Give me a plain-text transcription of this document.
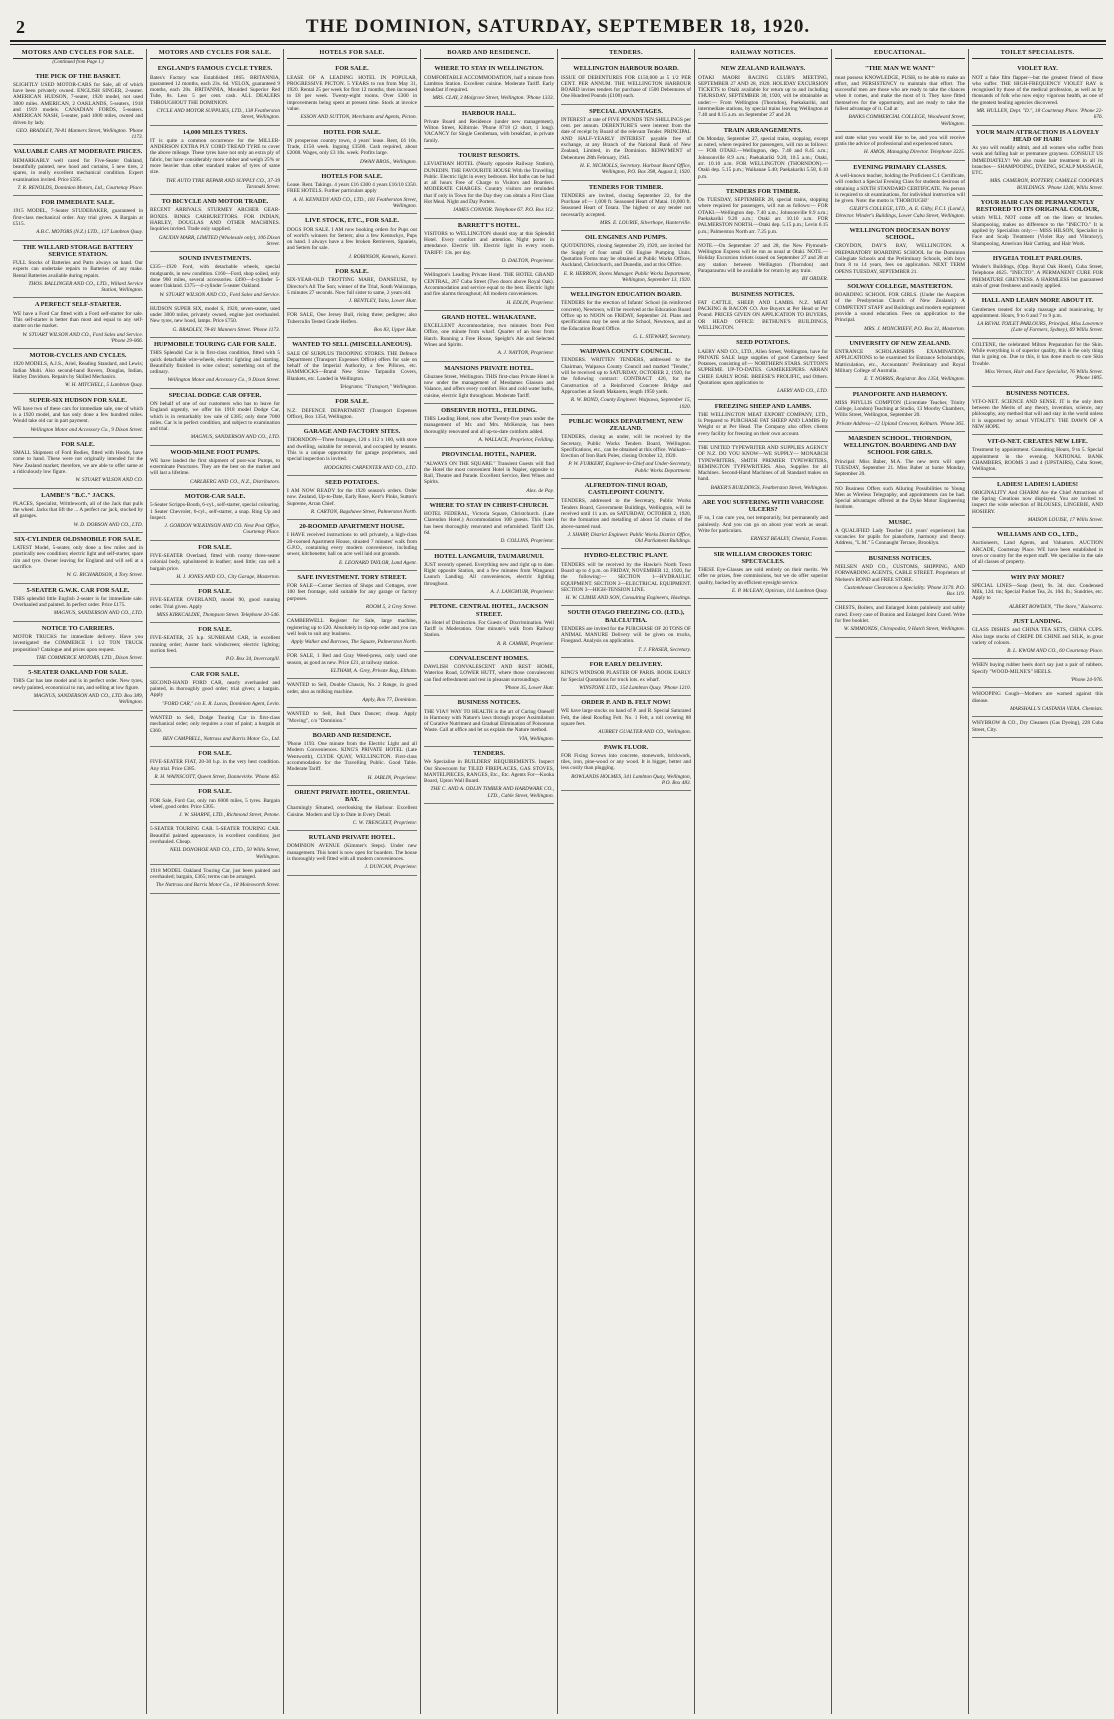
2	THE DOMINION, SATURDAY, SEPTEMBER 18, 1920.
MOTORS AND CYCLES FOR SALE.
(Continued from Page 1.)
THE PICK OF THE BASKET.

SLIGHTLY USED MOTOR-CARS for Sale, all of which have been privately owned. ENGLISH SINGER, 2-seater. AMERICAN HUDSON, 7-seater, 1920 model, not used 3000 miles. AMERICAN, 2 OAKLANDS, 5-seaters, 1918 and 1919 models. CANADIAN FORDS, 5-seaters. AMERICAN NASH, 5-seater, paid 1000 miles, owned and driven by lady.

GEO. BRADLEY, 78-81 Manners Street, Wellington. 'Phone 1173.
VALUABLE CARS AT MODERATE PRICES.

REMARKABLY well cared for Five-Seater Oakland, beautifully painted, new hood and curtains, 5 new tires, 2 spares, in really excellent mechanical condition. Expert examination invited. Price £595.

T. R. RENOLDS, Dominion Motors, Ltd., Courtenay Place.
FOR IMMEDIATE SALE.

1915 MODEL, 7-Seater STUDEBAKER, guaranteed in first-class mechanical order. Any trial given. A Bargain at £515.

A.B.C. MOTORS (N.Z.) LTD., 127 Lambton Quay.
THE WILLARD STORAGE BATTERY SERVICE STATION.

FULL Stocks of Batteries and Parts always on hand. Our experts can undertake repairs to Batteries of any make. Rental Batteries available during repairs.

THOS. BALLINGER AND CO., LTD., Willard Service Station, Wellington.
A PERFECT SELF-STARTER.

WE have a Ford Car fitted with a Ford self-starter for sale. This self-starter is better than most and equal to any self-starter on the market.

W. STUART WILSON AND CO., Ford Sales and Service. 'Phone 29-066.
MOTOR-CYCLES AND CYCLES.

1920 MODELS, A.J.S., Ariel, Reading Standard, and Lewis; Indian Multi. Also second-hand Rovers, Douglas, Indian, Harley Davidson. Repairs by Skilled Mechanics.

W. H. MITCHELL, 5 Lambton Quay.
SUPER-SIX HUDSON FOR SALE.

WE have two of these cars for immediate sale, one of which is a 1920 model, and has only done a few hundred miles. Would take old car in part payment.

Wellington Motor and Accessory Co., 9 Dixon Street.
FOR SALE.

SMALL Shipment of Ford Bodies, fitted with Hoods, have come to hand. These were not originally intended for the New Zealand market; therefore, we are able to offer same at a ridiculously low figure.

W. STUART WILSON AND CO.
LAMBE'S "B.C." JACKS.

PLACES, Specialist, Writtleworth, all of the Jack that pulls the wheel. Jacks that lift the ... A perfect car jack, stocked by all garages.

W. D. DOBSON AND CO., LTD.
SIX-CYLINDER OLDSMOBILE FOR SALE.

LATEST Model, 5-seater, only done a few miles and in practically new condition; electric light and self-starter, spare rim and tyre. Owner leaving for England and will sell at a sacrifice.

W. G. RICHARDSON, 4 Tory Street.
5-SEATER G.W.K. CAR FOR SALE.

THIS splendid little English 2-seater is for immediate sale. Overhauled and painted. In perfect order. Price £175.

MAGNUS, SANDERSON AND CO., LTD.
NOTICE TO CARRIERS.

MOTOR TRUCKS for immediate delivery. Have you investigated the COMMERCE 1 1/2 TON TRUCK proposition? Catalogue and prices upon request.

THE COMMERCE MOTORS, LTD., Dixon Street.
5-SEATER OAKLAND FOR SALE.

THIS Car has late model and is in perfect order. New tyres, newly painted, economical to run, and selling at low figure.

MAGNUS, SANDERSON AND CO., LTD. Box 389, Wellington.
MOTORS AND CYCLES FOR SALE.
ENGLAND'S FAMOUS CYCLE TYRES.

Bates's Factory was Established 1865. BRITANNIA, guaranteed 12 months, each 23s. 6d. VELOX, guaranteed 9 months, each 20s. BRITANNIA, Moulded Superior Red Tube, 8s. Less 5 per cent. cash. ALL DEALERS THROUGHOUT THE DOMINION.

CYCLE AND MOTOR SUPPLIES, LTD., 138 Featherston Street, Wellington.
14,000 MILES TYRES.

IT is quite a common occurrence for the MILLER-ANDERSON EXTRA PLY CORD TREAD TYRE to cover the above mileage. These tyres have not only an extra ply of fabric, but have considerably more rubber and weigh 25% or more heavier than other standard makes of tyres of same size.

THE AUTO TYRE REPAIR AND SUPPLY CO., 37-39 Taranaki Street.
TO BICYCLE AND MOTOR TRADE.

RECENT ARRIVALS. STURMEY ARCHER GEAR-BOXES. BINKS CARBURETTORS. FOR INDIAN, HARLEY, DOUGLAS AND OTHER MACHINES. Inquiries invited. Trade only supplied.

GAUDIN MARR, LIMITED (Wholesale only), 106 Dixon Street.
SOUND INVESTMENTS.

£335—1920 Ford, with detachable wheels, special mudguards, in new condition. £160—Ford, shop soiled, only done 960 miles, several accessories. £490—4-cylinder 5-seater Oakland. £375—4-cylinder 5-seater Oakland.

W. STUART WILSON AND CO., Ford Sales and Service.

HUDSON SUPER SIX, model S, 1920, seven-seater, used under 3000 miles, privately owned, engine just overhauled. New tyres, new hood, lamps. Price £750.

G. BRADLEY, 78-81 Manners Street. 'Phone 1173.
HUPMOBILE TOURING CAR FOR SALE.

THIS Splendid Car is in first-class condition, fitted with 5 quick detachable wire-wheels, electric lighting and starting. Beautifully finished in wine colour; something out of the ordinary.

Wellington Motor and Accessory Co., 9 Dixon Street.
SPECIAL DODGE CAR OFFER.

ON behalf of one of our customers who has to leave for England urgently, we offer his 1918 model Dodge Car, which is in remarkably low sale of £385; only done 7000 miles. Car is in perfect condition, and subject to examination and trial.

MAGNUS, SANDERSON AND CO., LTD.
WOOD-MILNE FOOT PUMPS.

WE have landed the first shipment of post-war Pumps, to exterminate Punctures. They are the best on the market and will last a lifetime.

CARLBERG AND CO., N.Z., Distributors.
MOTOR-CAR SALE.

5-Seater Scripps-Booth, 6-cyl., self-starter, special colouring. 1 Seater Chevrolet, 6-cyl., self-starter, a snap. Ring Up and Inspect.

J. GORDON WILKINSON AND CO. Next Post Office, Courtenay Place.
FOR SALE.

FIVE-SEATER Overland, fitted with roomy three-seater colonial body, upholstered in leather; used little; can sell a bargain price.

H. J. JONES AND CO., City Garage, Masterton.
FOR SALE.

FIVE-SEATER OVERLAND, model 90, good running order. Trial given. Apply

MISS KIRKCALDIE, Thompson Street. Telephone 20-546.
FOR SALE.

FIVE-SEATER, 25 h.p. SUNBEAM CAR, in excellent running order; Auster back windscreen; electric lighting; suction feed.

P.O. Box 34, Invercargill.
CAR FOR SALE.

SECOND-HAND FORD CAR, nearly overhauled and painted, in thoroughly good order; trial given; a bargain. Apply

"FORD CAR," c/o E. R. Lucas, Dominion Agent, Levin.

WANTED to Sell, Dodge Touring Car in first-class mechanical order; only requires a coat of paint; a bargain at £360.

BEN CAMPBELL, Nattrass and Barris Motor Co., Ltd.
FOR SALE.

FIVE-SEATER FIAT, 20-30 h.p. in the very best condition. Any trial. Price £385.

R. H. WAINSCOTT, Queen Street, Dannevirke. 'Phone 463.
FOR SALE.

FOR Sale, Ford Car, only run 6000 miles, 5 tyres. Bargain wheel, good order. Price £305.

J. W. SHARPE, LTD., Richmond Street, Petone.

5-SEATER TOURING CAR. 5-SEATER TOURING CAR. Beautiful painted appearance, in excellent condition; just overhauled. Cheap.

NEIL DONOHOE AND CO., LTD., 50 Willis Street, Wellington.

1918 MODEL Oakland Touring Car, just been painted and overhauled; bargain, £365; terms can be arranged.

The Nattrass and Barris Motor Co., 18 Molesworth Street.
HOTELS FOR SALE.
FOR SALE.

LEASE OF A LEADING HOTEL IN POPULAR, PROGRESSIVE PICTON. 5 YEARS to run from May 31, 1920. Rental 25 per week for first 12 months, then increased to £8 per week. Twenty-eight rooms. Over £300 in improvements being spent at present time. Stock at invoice value.

ESSON AND SUTTON, Merchants and Agents, Picton.
HOTEL FOR SALE.

IN prosperous country town, 4 years' lease. Rent, £6 10s. Trade, £150 week. Ingoing £3500. Cash required, about £2000. Wages, only £3 10s. week. Profits large.

DWAN BROS., Wellington.
HOTELS FOR SALE.

Lease. Rent. Takings. 4 years £16 £300 4 years £16/10 £350. FREE HOTELS. Further particulars apply

A. H. KENNEDY AND CO., LTD., 181 Featherston Street, Wellington.
LIVE STOCK, ETC., FOR SALE.

DOGS FOR SALE. I AM now booking orders for Pups out of world's winners for Setters; also a few Kentuckys, Pups on hand. I always have a few broken Retrievers, Spaniels, and Setters for sale.

J. ROBINSON, Kennels, Karori.
FOR SALE.

SIX-YEAR-OLD TROTTING MARE, DANSEUSE, by Director's All The Son; winner of the Trial, South Wairarapa, 5 minutes 27 seconds. Now full sister to same, 2 years old.

J. BENTLEY, Taita, Lower Hutt.

FOR SALE, One Jersey Bull, rising three; pedigree; also Tuberculin Tested Grade Heifers.

Box 83, Upper Hutt.
WANTED TO SELL (MISCELLANEOUS).

SALE OF SURPLUS TROOPING STORES. THE Defence Department (Transport Expenses Office) offers for sale on behalf of the Imperial Authority, a few Pillows, etc. HAMMOCKS—Brand New Straw Tarpaulin Covers, Blankets, etc. Landed in Wellington.

Telegrams: "Transport," Wellington.
FOR SALE.

N.Z. DEFENCE DEPARTMENT (Transport Expenses Office), Box 1354, Wellington.

GARAGE AND FACTORY SITES.

THORNDON—Three frontages, 120 x 112 x 160, with store and dwelling, suitable for removal, and occupied by tenants. This is a unique opportunity for garage proprietors, and special inspection is invited.

HODGKINS CARPENTER AND CO., LTD.
SEED POTATOES.

I AM NOW READY for the 1920 season's orders. Order now. Zealand, Up-to-Date, Early Rose, Kerr's Pinks, Sutton's Supreme, Arran Chief.

R. CARTON, Bagshawe Street, Palmerston North.
20-ROOMED APARTMENT HOUSE.

I HAVE received instructions to sell privately, a high-class 20-roomed Apartment House, situated 7 minutes' walk from G.P.O., containing every modern convenience, including sewer, kitchenette; hall on acre well laid out grounds.

E. LEONARD TAYLOR, Land Agent.
SAFE INVESTMENT. TORY STREET.

FOR SALE—Corner Section of Shops and Cottages, over 100 feet frontage, sold suitable for any garage or factory purposes.

ROOM 5, 3 Grey Street.

CAMBERWELL Register for Sale, large machine, registering up to £20. Absolutely in tip-top order and you can well look to suit any business.

Apply Walker and Barrows, The Square, Palmerston North.

FOR SALE, 1 Bed and Gray Weed-press, only used one season, as good as new. Price £21, at railway station.

ELTHAM, A. Grey, Private Bag, Eltham.

WANTED to Sell, Double Chassis, No. 2 Range, in good order, also as milking machine.

Apply, Box 77, Dominion.

WANTED to Sell, Bull Dam Dancer; cheap. Apply "Moving", c/o "Dominion."

BOARD AND RESIDENCE.

'Phone 1193. One minute from the Electric Light and all Modern Conveniences. KING'S PRIVATE HOTEL (Late Wentworth), CLYDE QUAY, WELLINGTON. First-class accommodation for the Travelling Public. Good Table. Moderate Tariff.

H. JABLIN, Proprietor.
ORIENT PRIVATE HOTEL, ORIENTAL BAY.

Charmingly Situated, overlooking the Harbour. Excellent Cuisine. Modern and Up to Date in Every Detail.

C. W. TRENGEET, Proprietor.
RUTLAND PRIVATE HOTEL.

DOMINION AVENUE (Kimmer's Steps). Under new management. This hotel is now open for boarders. The house is thoroughly well fitted with all modern conveniences.

J. DUNCAN, Proprietor.
BOARD AND RESIDENCE.
WHERE TO STAY IN WELLINGTON.

COMFORTABLE ACCOMMODATION, half a minute from Lambton Station. Excellent cuisine. Moderate Tariff. Early breakfast if required.

MRS. CLAY, 3 Molgrave Street, Wellington. 'Phone 1333.
HARBOUR HALL.

Private Board and Residence (under new management), Wilton Street, Kilbirnie. 'Phone 8718 (2 short, 1 long). VACANCY for Single Gentleman, with breakfast, in private family.

TOURIST RESORTS.

LEVIATHAN HOTEL (Nearly opposite Railway Station), DUNEDIN. THE FAVOURITE HOUSE With the Travelling Public. Electric light in every bedroom. Hot baths can be had at all hours Free of Charge to Visitors and Boarders. MODERATE CHARGES. Country visitors are reminded that if only in Town for the Day they can obtain a First Class Hot Meal. Night and Day Porters.

JAMES CONNOR. Telephone 67. P.O. Box 112.
BARRETT'S HOTEL.

VISITORS to WELLINGTON should stay at this Splendid Hotel. Every comfort and attention. Night porter in attendance. Electric lift. Electric light in every room. TARIFF: 13s. per day.

D. DALTON, Proprietor.

Wellington's Leading Private Hotel. THE HOTEL GRAND CENTRAL, 267 Cuba Street (Two doors above Royal Oak). Accommodation and service equal to the best. Electric light and fire alarms throughout; All modern conveniences.

H. EDLIN, Proprietor.
GRAND HOTEL. WHAKATANE.

EXCELLENT Accommodation, two minutes from Post Office, one minute from wharf. Quarter of an hour from Hatch. Running a Free House, Speight's Ale and Selected Wines and Spirits.

A. J. NAYTON, Proprietor.
MANSIONS PRIVATE HOTEL.

Ghuznee Street, Wellington. THIS first-class Private Hotel is now under the management of Mesdames Glasson and Valance, and offers every comfort. Hot and cold water baths, cuisine, electric light throughout. Moderate Tariff.

OBSERVER HOTEL, FEILDING.

THIS Leading Hotel, now after Twenty-five years under the management of Mr. and Mrs. McKenzie, has been thoroughly renovated and all up-to-date comforts added.

A. WALLACE, Proprietor, Feilding.
PROVINCIAL HOTEL, NAPIER.

"ALWAYS ON THE SQUARE." Transient Guests will find the Hotel the most convenient Hotel in Napier, opposite to Rail, Theatre and Parade. Excellent Service, Best Wines and Spirits.

Alex. de Pay.
WHERE TO STAY IN CHRIST-CHURCH.

HOTEL FEDERAL, Victoria Square, Christchurch. (Late Clarendon Hotel.) Accommodation 100 guests. This hotel has been thoroughly renovated and refurnished. Tariff 12s. 6d.

D. COLLINS, Proprietor.
HOTEL LANGMUIR, TAUMARUNUI.

JUST recently opened. Everything new and right up to date. Right opposite Station, and a few minutes from Wanganui Launch Landing. All conveniences, electric lighting throughout.

A. J. LANGMUIR, Proprietor.
PETONE. CENTRAL HOTEL, JACKSON STREET.

An Hotel of Distinction. For Guests of Discrimination. Well Tariff is Moderation. One minute's walk from Railway Station.

R. R. CAMBIE, Proprietor.
CONVALESCENT HOMES.

DAWLISH CONVALESCENT AND REST HOME, Waterloo Road, LOWER HUTT, where those convalescent can find refreshment and rest in pleasant surroundings.

'Phone 35, Lower Hutt.
BUSINESS NOTICES.

THE VIA!! WAY TO HEALTH is the art of Curing Oneself in Harmony with Nature's laws through proper Assimilation of Curative Nutriment and Gradual Elimination of Poisonous Waste. Call at office and let us explain the Nature method.

VIA, Wellington.
TENDERS.

We Specialise in BUILDERS' REQUIREMENTS. Inspect Our Showroom for TILED FIREPLACES, GAS STOVES, MANTELPIECES, RANGES, Etc., Etc. Agents For—Kooka Board, Upton Wall Board.

THE C. AND A. ODLIN TIMBER AND HARDWARE CO., LTD., Cable Street, Wellington.
TENDERS.
WELLINGTON HARBOUR BOARD.

ISSUE OF DEBENTURES FOR £150,000 at 5 1/2 PER CENT. PER ANNUM. THE WELLINGTON HARBOUR BOARD invites tenders for purchase of 1500 Debentures of One Hundred Pounds (£100) each.

SPECIAL ADVANTAGES.

INTEREST at rate of FIVE POUNDS TEN SHILLINGS per cent. per annum. DEBENTURE'S were interest from the date of receipt by Board of the relevant Tender. PRINCIPAL AND HALF-YEARLY INTEREST payable free of exchange, at any Branch of the National Bank of New Zealand, Limited, in the Dominion. REPAYMENT of Debentures 28th February, 1945.

H. E. NICHOLLS, Secretary. Harbour Board Office, Wellington, P.O. Box 398, August 3, 1920.
TENDERS FOR TIMBER.

TENDERS are invited, closing September 22, for the Purchase of:— 1,000 ft. Seasoned Heart of Matai. 10,000 ft. Seasoned Heart of Totara. The highest or any tender not necessarily accepted.

MRS. E. LOURIE, Silverhope, Hunterville.
OIL ENGINES AND PUMPS.

QUOTATIONS, closing September 29, 1920, are invited for the Supply of four small Oil Engine Pumping Units. Quotation Forms may be obtained at Public Works Offices, Auckland, Christchurch, and Dunedin, and at this Office.

E. R. HERRON, Stores Manager. Public Works Department, Wellington, September 13, 1920.
WELLINGTON EDUCATION BOARD.

TENDERS for the erection of Infants' School (in reinforced concrete), Newtown, will be received at the Education Board Office up to NOON on FRIDAY, September 24. Plans and specifications may be seen at the School, Newtown, and at the Education Board Office.

G. L. STEWART, Secretary.
WAIPAWA COUNTY COUNCIL.

TENDERS. WRITTEN TENDERS, addressed to the Chairman, Waipawa County Council and marked "Tender," will be received up to SATURDAY, OCTOBER 2, 1920, for the following contract: CONTRACT 426, for the Construction of a Reinforced Concrete Bridge and Approaches at South Makaretu, length 1950 yards.

R. W. BOND, County Engineer. Waipawa, September 15, 1920.
PUBLIC WORKS DEPARTMENT, NEW ZEALAND.

TENDERS, closing as under, will be received by the Secretary, Public Works Tenders Board, Wellington. Specifications, etc., can be obtained at this office. Waikato—Erection of Iron Bark Poles, closing October 12, 1920.

P. W. FURKERT, Engineer-in-Chief and Under-Secretary, Public Works Department.
ALFREDTON-TINUI ROAD, CASTLEPOINT COUNTY.

TENDERS, addressed to the Secretary, Public Works Tenders Board, Government Buildings, Wellington, will be received until 11 a.m. on SATURDAY, OCTOBER 2, 1920, for the formation and metalling of about 54 chains of the above-named road.

J. SHARP, District Engineer. Public Works District Office, Old Parliament Buildings.
HYDRO-ELECTRIC PLANT.

TENDERS will be received by the Hawke's North Town Board up to 4 p.m. on FRIDAY, NOVEMBER 12, 1920, for the following:— SECTION 1—HYDRAULIC EQUIPMENT. SECTION 2—ELECTRICAL EQUIPMENT. SECTION 3—HIGH-TENSION LINE.

H. W. CLIMIE AND SON, Consulting Engineers, Hastings.
SOUTH OTAGO FREEZING CO. (LTD.), BALCLUTHA.

TENDERS are invited for the PURCHASE OF 20 TONS OF ANIMAL MANURE Delivery will be given on trucks, Finegand. Analysis on application.

T. J. FRASER, Secretary.
FOR EARLY DELIVERY.

KING'S WINDSOR PLASTER OF PARIS. BOOK EARLY for Special Quotations for truck lots. ex wharf.

WINSTONE LTD., 154 Lambton Quay. 'Phone 1210.
ORDER P. AND B. FELT NOW!

WE have large stocks on hand of P. and B. Special Saturated Felt, the ideal Roofing Felt. No. 1 Felt, a roll covering 88 square feet.

AUBREY GUALTER AND CO., Wellington.
PAWK FLUOR.

FOR Fixing Screws into concrete, stonework, brickwork, tiles, iron, pine-wood or any wood. It is bigger, better and less costly than plugging.

ROWLANDS HOLMES, 341 Lambton Quay, Wellington, P.O. Box 483.
RAILWAY NOTICES.
NEW ZEALAND RAILWAYS.

OTAKI MAORI RACING CLUB'S MEETING, SEPTEMBER 27 AND 28, 1920. HOLIDAY EXCURSION TICKETS to Otaki available for return up to and including THURSDAY, SEPTEMBER 30, 1920, will be obtainable as under:— From Wellington (Thorndon), Paekakariki, and intermediate stations, by special trains leaving Wellington at 7.40 and 8.15 a.m. on September 27 and 28.

TRAIN ARRANGEMENTS.

On Monday, September 27, special trains, stopping, except as noted, where required for passengers, will run as follows:— FOR OTAKI.—Wellington, dep. 7.40 and 8.45 a.m.; Johnsonville 8.9 a.m.; Paekakariki 9.20, 10.5 a.m.; Otaki, arr. 10.10 a.m. FOR WELLINGTON (THORNDON).—Otaki dep. 5.15 p.m.; Waikanae 5.40; Paekakariki 5.58, 6.10 p.m.

TENDERS FOR TIMBER.

On TUESDAY, SEPTEMBER 28, special trains, stopping where required for passengers, will run as follows:— FOR OTAKI.—Wellington dep. 7.40 a.m.; Johnsonville 8.9 a.m.; Paekakariki 9.20 a.m.; Otaki arr. 10.10 a.m. FOR PALMERSTON NORTH.—Otaki dep. 5.15 p.m.; Levin 6.15 p.m.; Palmerston North arr. 7.25 p.m.

NOTE.—On September 27 and 28, the New Plymouth-Wellington Express will be run as usual at Otaki. NOTE.—Holiday Excursion tickets issued on September 27 and 28 at any station between Wellington (Thorndon) and Paraparaumu will be available for return by any train.

BY ORDER.
BUSINESS NOTICES.

FAT CATTLE, SHEEP, AND LAMBS. N.Z. MEAT PACKING & BACON CO. Are Buyers at Per Head or Per Pound. PRICES GIVEN ON APPLICATION TO BUYERS, OR HEAD OFFICE: BETHUNE'S BUILDINGS, WELLINGTON.

SEED POTATOES.

LAERY AND CO., LTD., Allen Street, Wellington, have for PRIVATE SALE large supplies of good Canterbury Seed Potatoes, consisting of:— NORTHERN STARS. SUTTON'S SUPREME. UP-TO-DATES. GAMEKEEPERS. ARRAN CHIEF. EARLY ROSE. BREESE'S PROLIFIC, and Others. Quotations upon application to

LAERY AND CO., LTD.
FREEZING SHEEP AND LAMBS.

THE WELLINGTON MEAT EXPORT COMPANY, LTD., Is Prepared to PURCHASE FAT SHEEP AND LAMBS By Weight or at Per Head. The Company also offers clients every facility for freezing on their own account.

THE UNITED TYPEWRITER AND SUPPLIES AGENCY OF N.Z. DO YOU KNOW—WE SUPPLY— MONARCH TYPEWRITERS, SMITH PREMIER TYPEWRITERS, REMINGTON TYPEWRITERS. Also, Supplies for all Machines. Second-Hand Machines of all Standard makes on hand.

BAKER'S BUILDINGS, Featherston Street, Wellington.
ARE YOU SUFFERING WITH VARICOSE ULCERS?

IF so, I can cure you, not temporarily, but permanently and painlessly. And you can go on about your work as usual. Write for particulars.

ERNEST BEALEY, Chemist, Foxton.
SIR WILLIAM CROOKES TORIC SPECTACLES.

THESE Eye-Glasses are sold entirely on their merits. We offer no prizes, free commissions, but we do offer superior quality, backed by an efficient eyesight service.

E. P. McLEAN, Optician, 114 Lambton Quay.
EDUCATIONAL.
"THE MAN WE WANT"

must possess KNOWLEDGE, PUSH, to be able to make an effort, and PERSISTENCY to maintain that effort. The successful men are those who are ready to take the chances when it comes, and make the most of it. They have fitted themselves for the opportunity, and are ready to take the fullest advantage of it. Call at

BANKS COMMERCIAL COLLEGE, Woodward Street, Wellington.

and state what you would like to be, and you will receive gratis the advice of professional and experienced tutors.

H. AMOS, Managing Director. Telephone 3225.
EVENING PRIMARY CLASSES.

A well-known teacher, holding the Proficient C.1 Certificate, will conduct a Special Evening Class for students desirous of obtaining a SIXTH STANDARD CERTIFICATE. No person is required to sit examinations, for individual instruction will be given. Note: the motto is 'THOROUGH!'

GILBY'S COLLEGE, LTD., A. E. Gilby, F.C.I. (Lond.), Director. Winder's Buildings, Lower Cuba Street, Wellington.
WELLINGTON DIOCESAN BOYS' SCHOOL.

CROYDON, DAY'S BAY, WELLINGTON. A PREPARATORY BOARDING SCHOOL for the Dominion Collegiate Schools and the Preliminary Schools, with boys from 8 to 14 years, fees on application. NEXT TERM OPENS TUESDAY, SEPTEMBER 21.

SOLWAY COLLEGE, MASTERTON.

BOARDING SCHOOL FOR GIRLS. (Under the Auspices of the Presbyterian Church of New Zealand.) A COMPETENT STAFF and Buildings and modern equipment provide a sound education. Fees on application to the Principal.

MRS. J. MONCRIEFF, P.O. Box 31, Masterton.
UNIVERSITY OF NEW ZEALAND.

ENTRANCE SCHOLARSHIPS EXAMINATION. APPLICATIONS to be examined for Entrance Scholarships, Matriculation, etc., Accountants' Preliminary and Royal Military College of Australia.

E. T. NORRIS, Registrar. Box 1354, Wellington.
PIANOFORTE AND HARMONY.

MISS PHYLLIS COMPTON (Licentiate Teacher, Trinity College, London) Teaching at Studio, 13 Moorby Chambers, Willis Street, Wellington, September 20.

Private Address—12 Upland Crescent, Kelburn. 'Phone 365.
MARSDEN SCHOOL. THORNDON, WELLINGTON. BOARDING AND DAY SCHOOL FOR GIRLS.

Principal: Miss Baber, M.A. The new term will open TUESDAY, September 21. Miss Baber at home Monday, September 20.

NO Business Offers such Alluring Possibilities to Young Men as Wireless Telegraphy, and appointments can be had. Special advantages offered at the Dyke Motor Engineering Institute.

MUSIC.

A QUALIFIED Lady Teacher (14 years' experience) has vacancies for pupils for pianoforte, harmony and theory. Address, "L.M." 5 Connaught Terrace, Brooklyn.

BUSINESS NOTICES.

NIELSEN AND CO., CUSTOMS, SHIPPING, AND FORWARDING AGENTS, CABLE STREET. Proprietors of Nielsen's BOND and FREE STORE.

Customhouse Clearances a Speciality. 'Phone 3170. P.O. Box 119.

CHESTS, Boilers, and Enlarged Joints painlessly and safely cured. Every case of Bunion and Enlarged Joint Cured. Write for free booklet.

W. SIMMONDS, Chiropodist, 9 Hatch Street, Wellington.
TOILET SPECIALISTS.
VIOLET RAY.

NOT a fake film flapper—but the greatest friend of those who suffer. THE HIGH-FREQUENCY VIOLET RAY is recognised by those of the medical profession, as well as by thousands of folk who now enjoy vigorous health, as one of the greatest healing agencies discovered.

MR. HULLEN, Dept. "D.", 18 Courtenay Place. 'Phone 22-676.
YOUR MAIN ATTRACTION IS A LOVELY HEAD OF HAIR!

As you will readily admit, and all women who suffer from weak and falling hair or premature grayness. CONSULT US IMMEDIATELY! We also make hair treatment in all its branches— SHAMPOOING, DYEING, SCALP MASSAGE, ETC.

MRS. CAMERON, ROTTERY, CAMILLE COOPER'S BUILDINGS. 'Phone 1246, Willis Street.
YOUR HAIR CAN BE PERMANENTLY RESTORED TO ITS ORIGINAL COLOUR,

which WILL NOT come off on the linen or brushes. Shampooing, makes no difference to the "INECTO." It is applied by Specialists only:— MISS HILSON, Specialist in Face and Scalp Treatment (Violet Ray and Vibratory), Shampooing, American Hair Cutting, and Hair Work.

HYGEIA TOILET PARLOURS.

Winder's Buildings, (Opp. Royal Oak Hotel), Cuba Street, Telephone 4625. "INECTO". A PERMANENT CURE FOR PREMATURE GREYNESS. A HARMLESS but guaranteed stain of great freshness and easily applied.

HALL AND LEARN MORE ABOUT IT.

Gentlemen treated for scalp massage and manicuring, by appointment. Hours, 9 to 6 and 7 to 9 p.m.

LA REVAL TOILET PARLOURS, Principal, Miss Lawrence (Late of Farmers, Sydney), 69 Willis Street.

COLTENE, the celebrated Milton Preparation for the Skin. While everything is of superior quality, this is the only thing that is going on. Due to this, it has done much to cure Skin Trouble.

Miss Vernon, Hair and Face Specialist, 76 Willis Street. 'Phone 1805.
BUSINESS NOTICES.

VIT-O-NET. SCIENCE AND SENSE. IT is the only item between the Merits of any theory, invention, science, any philosophy, any method that will and stay in the world unless it is supported by actual VITALITY. THE DAWN OF A NEW HOPE.

VIT-O-NET. CREATES NEW LIFE.

Treatment by appointment. Consulting Hours, 9 to 5. Special appointment in the evening. NATIONAL BANK CHAMBERS, ROOMS 3 and 4 (UPSTAIRS), Cuba Street, Wellington.

LADIES! LADIES! LADIES!

ORIGINALITY And CHARM Are the Chief Attractions of the Spring Creations now displayed. You are invited to inspect the wide selection of BLOUSES, LINGERIE, AND HOSIERY.

MAISON LOUISE, 17 Willis Street.
WILLIAMS AND CO., LTD.,

Auctioneers, Land Agents, and Valuators. AUCTION ARCADE, Courtenay Place. WE have been established in town or country for the expert staff. We specialise in the sale of all classes of property.

WHY PAY MORE?

SPECIAL LINES—Soap (best), 9s. 3d. doz. Condensed Milk, 12d. tin; Special Packet Tea, 2s. 10d. lb.; Sundries, etc. Apply to

ALBERT BOWDEN, "The Store," Kaiwarra.
JUST LANDING.

GLASS DISHES and CHINA TEA SETS, CHINA CUPS. Also large stocks of CREPE DE CHINE and SILK, in great variety of colours.

B. L. KWOM AND CO., 60 Courtenay Place.

WHEN buying rubber heels don't say just a pair of rubbers. Specify "WOOD-MILNE'S" HEELS.

'Phone 24-976.

WHOOPING Cough—Mothers are warned against this disease.

MARSHALL'S CASTANIA VERA. Chemists.

WHYBROW & CO., Dry Cleaners (Gas Dyeing), 228 Cuba Street, City.
